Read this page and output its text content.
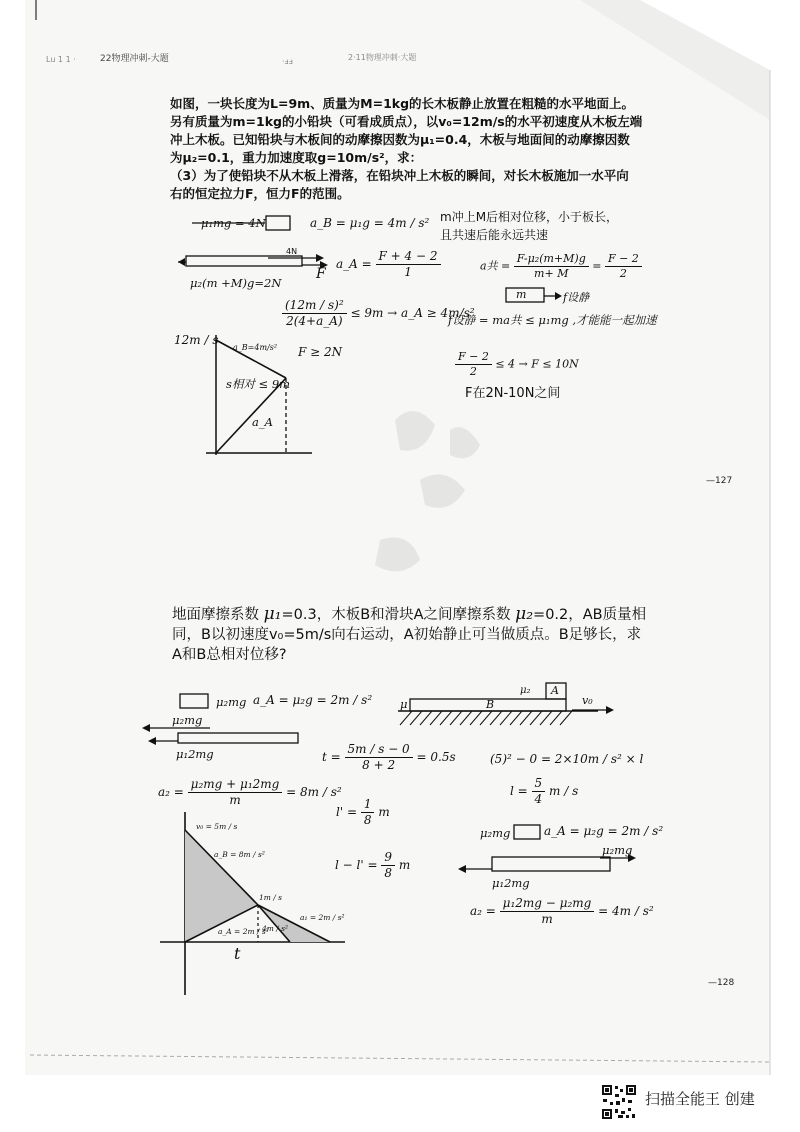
Lu 1 1 ·	22物理冲刺-大题	·ⅎⅎ	2·11物理冲刺·大题

如图，一块长度为L=9m、质量为M=1kg的长木板静止放置在粗糙的水平地面上。

另有质量为m=1kg的小铅块（可看成质点），以v₀=12m/s的水平初速度从木板左端

冲上木板。已知铅块与木板间的动摩擦因数为μ₁=0.4，木板与地面间的动摩擦因数

为μ₂=0.1，重力加速度取g=10m/s²，求：

（3）为了使铅块不从木板上滑落，在铅块冲上木板的瞬间，对长木板施加一水平向

右的恒定拉力F，恒力F的范围。

μ₁mg = 4N	a_B = μ₁g = 4m / s²
4N
F
μ₂(m +M)g=2N
a_A = $\frac{F + 4 - 2}{1}$
$\frac{\text{(12m / s)²}}{2(4+a\_A)} \le 9m$ → a_A ≥ 4m/s²
F ≥ 2N
m冲上M后相对位移，小于板长，
且共速后能永远共速
a共 = $\frac{\text{F-μ₂(m+M)g}}{m+ M} = \frac{F - 2}{2}$
m	f设静
f设静 = ma共 ≤ μ₁mg ,才能能一起加速
$\frac{F - 2}{2} \le 4 \to F \le 10N$
F在2N-10N之间
12m / s
a_B=4m/s²
s相对 ≤ 9m
a_A
—127
地面摩擦系数 μ₁=0.3，木板B和滑块A之间摩擦系数 μ₂=0.2，AB质量相同，B以初速度v₀=5m/s向右运动，A初始静止可当做质点。B足够长，求A和B总相对位移?
μ₂mg a_A = μ₂g = 2m / s²
μ₂mg
μ₁2mg
$a_2 = \frac{\text{μ₂mg + μ₁2mg}}{m} = 8m / s^2$
$t = \frac{5m / s - 0}{8 + 2} = 0.5s$
$l' = \frac{1}{8}$ m
$l - l' = \frac{9}{8}$ m
(5)² − 0 = 2×10m / s² × l
$l = \frac{5}{4}$ m / s
μ₂mg	a_A = μ₂g = 2m / s²
μ₂mg
μ₁2mg
$a_2 = \frac{\text{μ₁2mg − μ₂mg}}{m} = 4m / s^2$
μ
μ₂ A
B	v₀
v₀ = 5m / s
a_B = 8m / s²
1m / s
a_A = 2m / s²
4m / s²
a₁ = 2m / s²
t
—128
扫描全能王 创建
